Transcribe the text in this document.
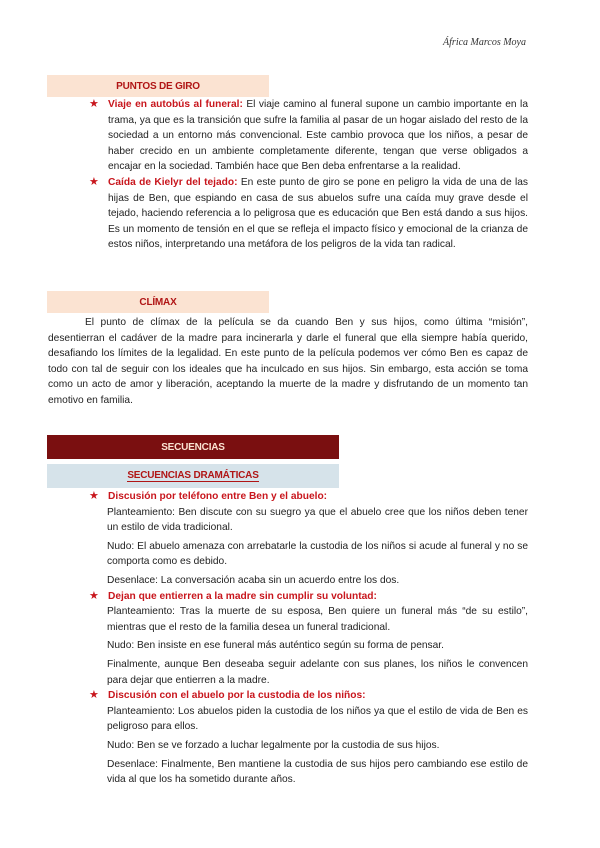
África Marcos Moya
PUNTOS DE GIRO
★ Viaje en autobús al funeral: El viaje camino al funeral supone un cambio importante en la trama, ya que es la transición que sufre la familia al pasar de un hogar aislado del resto de la sociedad a un entorno más convencional. Este cambio provoca que los niños, a pesar de haber crecido en un ambiente completamente diferente, tengan que verse obligados a encajar en la sociedad. También hace que Ben deba enfrentarse a la realidad.
★ Caída de Kielyr del tejado: En este punto de giro se pone en peligro la vida de una de las hijas de Ben, que espiando en casa de sus abuelos sufre una caída muy grave desde el tejado, haciendo referencia a lo peligrosa que es educación que Ben está dando a sus hijos. Es un momento de tensión en el que se refleja el impacto físico y emocional de la crianza de estos niños, interpretando una metáfora de los peligros de la vida tan radical.
CLÍMAX

El punto de clímax de la película se da cuando Ben y sus hijos, como última “misión”, desentierran el cadáver de la madre para incinerarla y darle el funeral que ella siempre había querido, desafiando los límites de la legalidad. En este punto de la película podemos ver cómo Ben es capaz de todo con tal de seguir con los ideales que ha inculcado en sus hijos. Sin embargo, esta acción se toma como un acto de amor y liberación, aceptando la muerte de la madre y disfrutando de un momento tan emotivo en familia.

SECUENCIAS
SECUENCIAS DRAMÁTICAS
★ Discusión por teléfono entre Ben y el abuelo:

Planteamiento: Ben discute con su suegro ya que el abuelo cree que los niños deben tener un estilo de vida tradicional.

Nudo: El abuelo amenaza con arrebatarle la custodia de los niños si acude al funeral y no se comporta como es debido.

Desenlace: La conversación acaba sin un acuerdo entre los dos.

★ Dejan que entierren a la madre sin cumplir su voluntad:

Planteamiento: Tras la muerte de su esposa, Ben quiere un funeral más “de su estilo”, mientras que el resto de la familia desea un funeral tradicional.

Nudo: Ben insiste en ese funeral más auténtico según su forma de pensar.

Finalmente, aunque Ben deseaba seguir adelante con sus planes, los niños le convencen para dejar que entierren a la madre.

★ Discusión con el abuelo por la custodia de los niños:

Planteamiento: Los abuelos piden la custodia de los niños ya que el estilo de vida de Ben es peligroso para ellos.

Nudo: Ben se ve forzado a luchar legalmente por la custodia de sus hijos.

Desenlace: Finalmente, Ben mantiene la custodia de sus hijos pero cambiando ese estilo de vida al que los ha sometido durante años.
